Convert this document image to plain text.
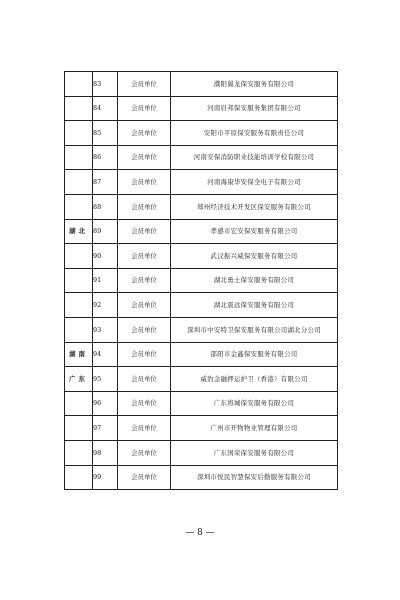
	83	会员单位	濮阳翼龙保安服务有限公司
	84	会员单位	河南眉邦保安服务集团有限公司
	85	会员单位	安阳市平原保安服务有限责任公司
	86	会员单位	河南安保消防职业技能培训学校有限公司
	87	会员单位	河南海康华安保全电子有限公司
	88	会员单位	郑州经济技术开发区保安服务有限公司
湖北	89	会员单位	孝感市宏安保安服务有限公司
	90	会员单位	武汉振兴威保安服务有限公司
	91	会员单位	湖北勇士保安服务有限公司
	92	会员单位	湖北震远保安服务有限公司
	93	会员单位	深圳市中安特卫保安服务有限公司湖北分公司
湖南	94	会员单位	邵阳市金鑫保安服务有限公司
广东	95	会员单位	威豹金融押运护卫（香港）有限公司
	96	会员单位	广东将城保安服务有限公司
	97	会员单位	广州市开物物业管理有限公司
	98	会员单位	广东国荣保安服务有限公司
	99	会员单位	深圳市悦民智慧保安后勤服务有限公司
— 8 —
